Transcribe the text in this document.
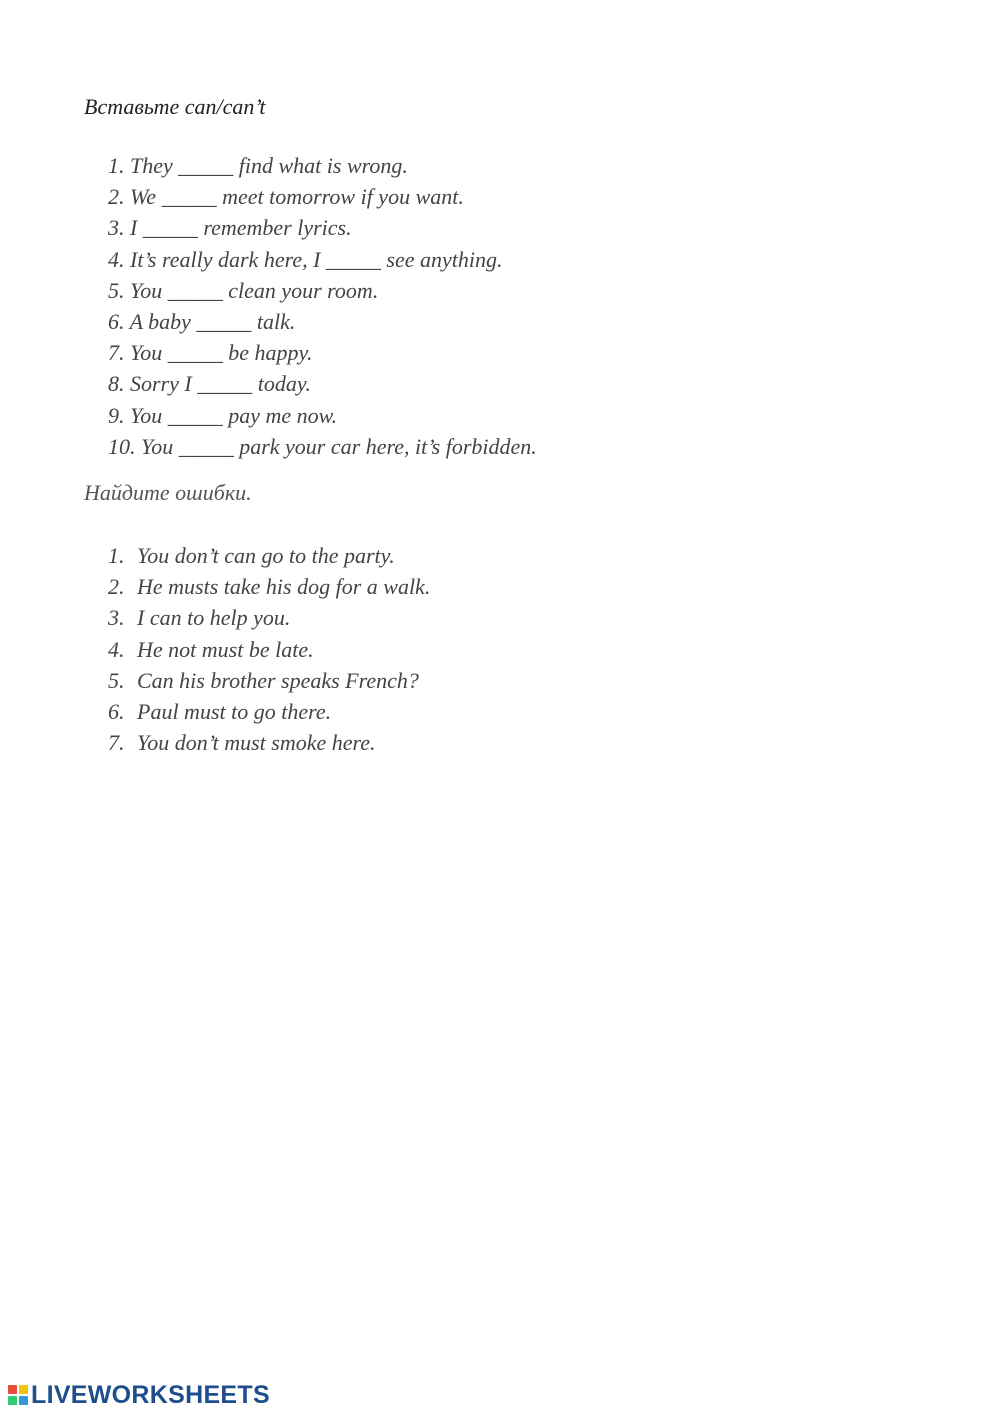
Вставьте can/can’t
1. They _____ find what is wrong.
2. We _____ meet tomorrow if you want.
3. I _____ remember lyrics.
4. It’s really dark here, I _____ see anything.
5. You _____ clean your room.
6. A baby _____ talk.
7. You _____ be happy.
8. Sorry I _____ today.
9. You _____ pay me now.
10. You _____ park your car here, it’s forbidden.
Найдите ошибки.
1. You don’t can go to the party.
2. He musts take his dog for a walk.
3. I can to help you.
4. He not must be late.
5. Can his brother speaks French?
6. Paul must to go there.
7. You don’t must smoke here.
LIVEWORKSHEETS
